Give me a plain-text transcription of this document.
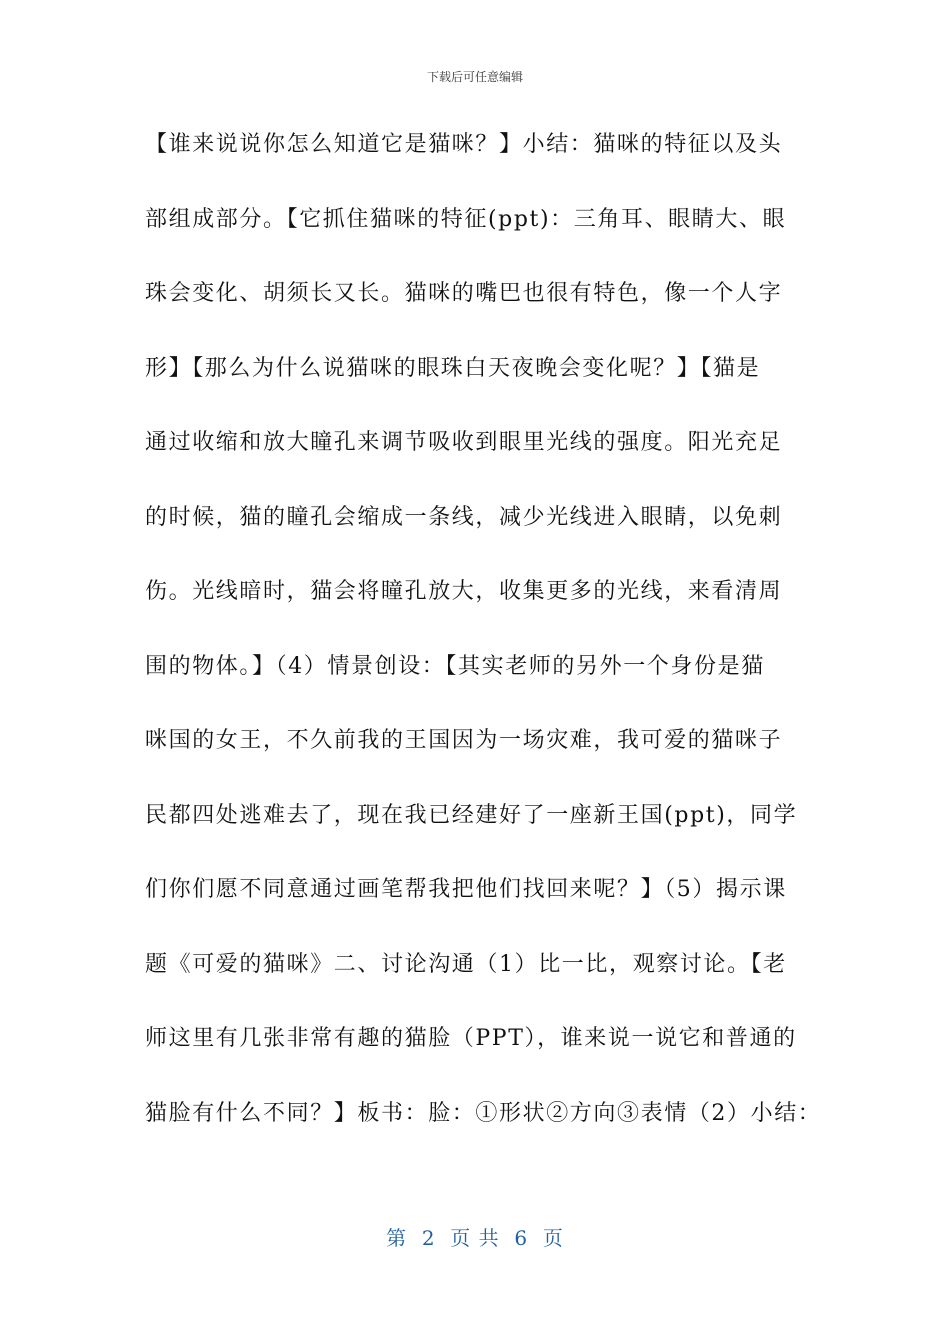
下载后可任意编辑
【谁来说说你怎么知道它是猫咪？】小结：猫咪的特征以及头
部组成部分。【它抓住猫咪的特征(ppt)：三角耳、眼睛大、眼
珠会变化、胡须长又长。猫咪的嘴巴也很有特色，像一个人字
形】【那么为什么说猫咪的眼珠白天夜晚会变化呢？】【猫是
通过收缩和放大瞳孔来调节吸收到眼里光线的强度。阳光充足
的时候，猫的瞳孔会缩成一条线，减少光线进入眼睛，以免刺
伤。光线暗时，猫会将瞳孔放大，收集更多的光线，来看清周
围的物体。】（4）情景创设：【其实老师的另外一个身份是猫
咪国的女王，不久前我的王国因为一场灾难，我可爱的猫咪子
民都四处逃难去了，现在我已经建好了一座新王国(ppt)，同学
们你们愿不同意通过画笔帮我把他们找回来呢？】（5）揭示课
题《可爱的猫咪》二、讨论沟通（1）比一比，观察讨论。【老
师这里有几张非常有趣的猫脸（PPT），谁来说一说它和普通的
猫脸有什么不同？】板书：脸：①形状②方向③表情（2）小结：
第  2  页 共  6  页
